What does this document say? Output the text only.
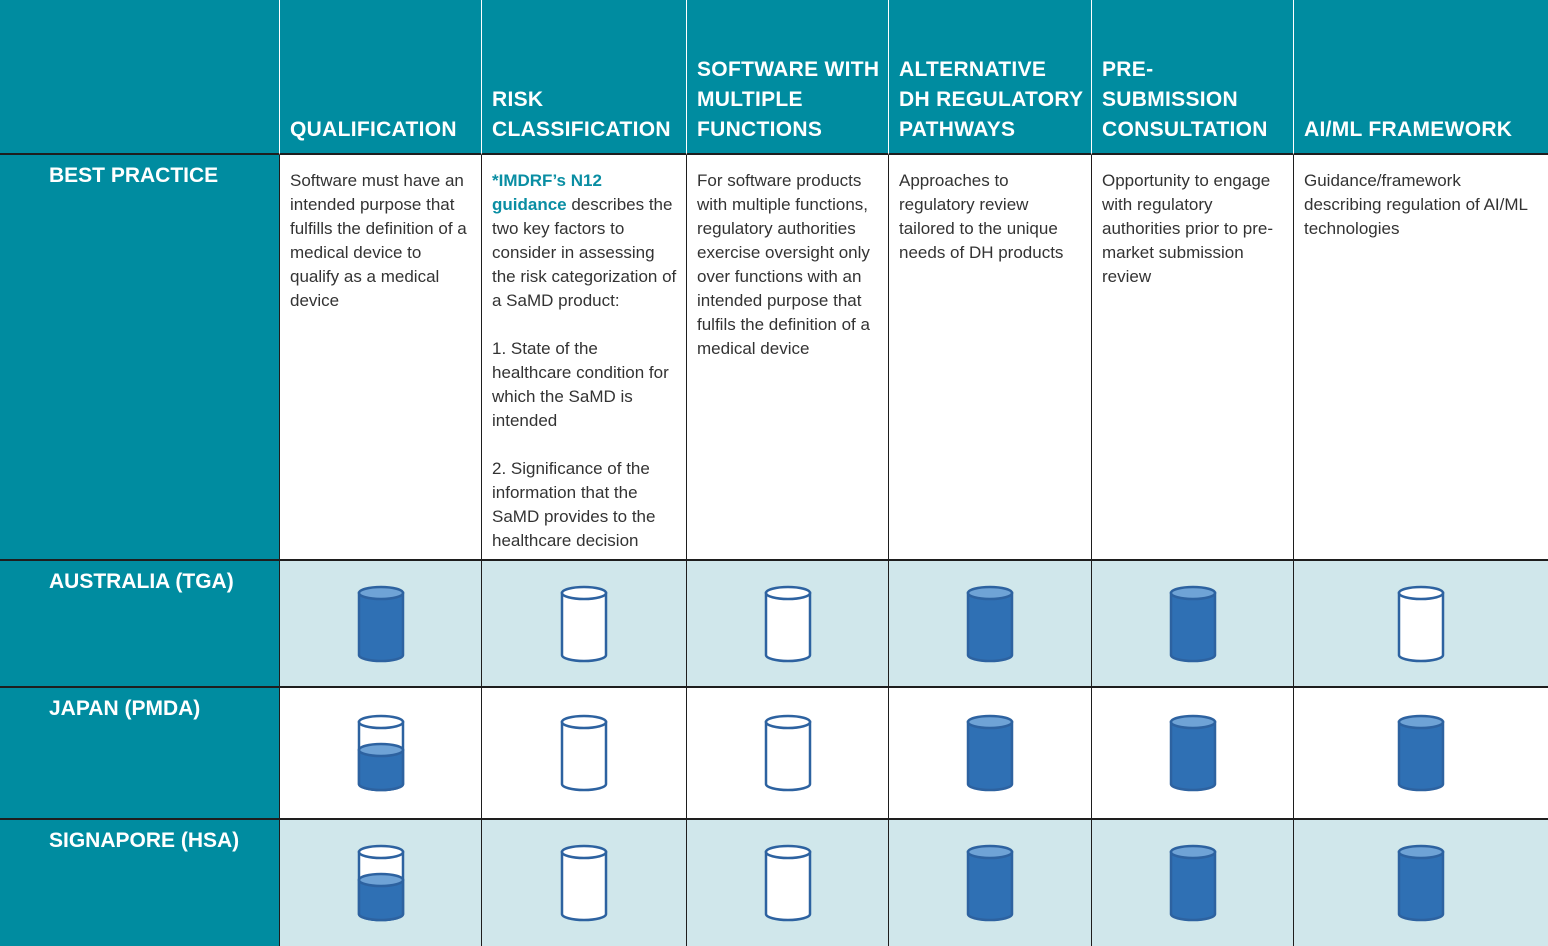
QUALIFICATION
RISK CLASSIFICATION
SOFTWARE WITH MULTIPLE FUNCTIONS
ALTERNATIVE DH REGULATORY PATHWAYS
PRE-SUBMISSION CONSULTATION	AI/ML FRAMEWORK
BEST PRACTICE	Software must have an intended purpose that fulfills the definition of a medical device to qualify as a medical device
*IMDRF’s N12 guidance describes the two key factors to consider in assessing the risk categorization of a SaMD product:

1. State of the healthcare condition for which the SaMD is intended

2. Significance of the information that the SaMD provides to the healthcare decision
For software products with multiple functions, regulatory authorities exercise oversight only over functions with an intended purpose that fulfils the definition of a medical device
Approaches to regulatory review tailored to the unique needs of DH products
Opportunity to engage with regulatory authorities prior to pre-market submission review
Guidance/framework describing regulation of AI/ML technologies
AUSTRALIA (TGA)
JAPAN (PMDA)
SIGNAPORE (HSA)
